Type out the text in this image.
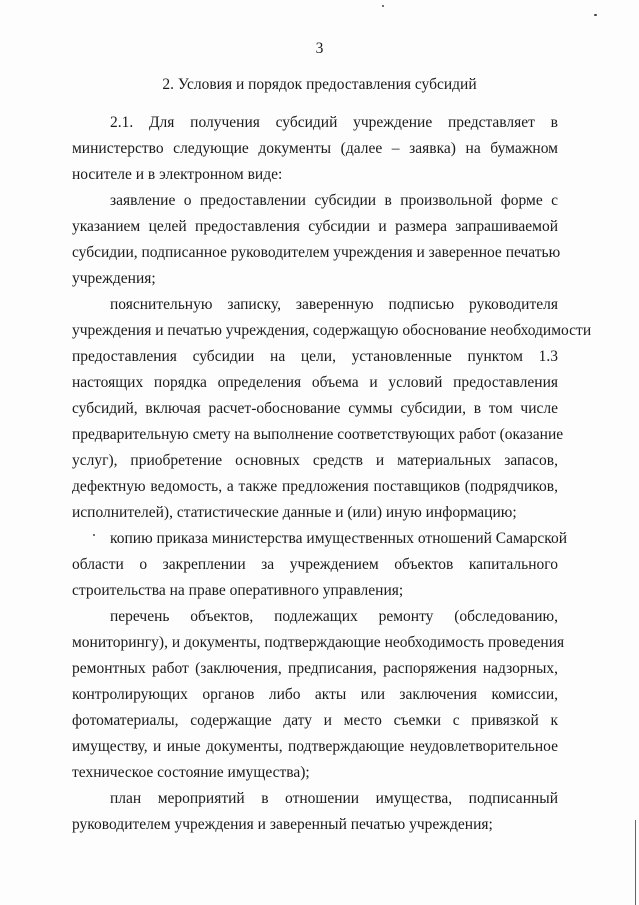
3
2. Условия и порядок предоставления субсидий
2.1. Для получения субсидий учреждение представляет в
министерство следующие документы (далее – заявка) на бумажном
носителе и в электронном виде:
заявление о предоставлении субсидии в произвольной форме с
указанием целей предоставления субсидии и размера запрашиваемой
субсидии, подписанное руководителем учреждения и заверенное печатью
учреждения;
пояснительную записку, заверенную подписью руководителя
учреждения и печатью учреждения, содержащую обоснование необходимости
предоставления субсидии на цели, установленные пунктом 1.3
настоящих порядка определения объема и условий предоставления
субсидий, включая расчет-обоснование суммы субсидии, в том числе
предварительную смету на выполнение соответствующих работ (оказание
услуг), приобретение основных средств и материальных запасов,
дефектную ведомость, а также предложения поставщиков (подрядчиков,
исполнителей), статистические данные и (или) иную информацию;
копию приказа министерства имущественных отношений Самарской
области о закреплении за учреждением объектов капитального
строительства на праве оперативного управления;
перечень объектов, подлежащих ремонту (обследованию,
мониторингу), и документы, подтверждающие необходимость проведения
ремонтных работ (заключения, предписания, распоряжения надзорных,
контролирующих органов либо акты или заключения комиссии,
фотоматериалы, содержащие дату и место съемки с привязкой к
имуществу, и иные документы, подтверждающие неудовлетворительное
техническое состояние имущества);
план мероприятий в отношении имущества, подписанный
руководителем учреждения и заверенный печатью учреждения;
